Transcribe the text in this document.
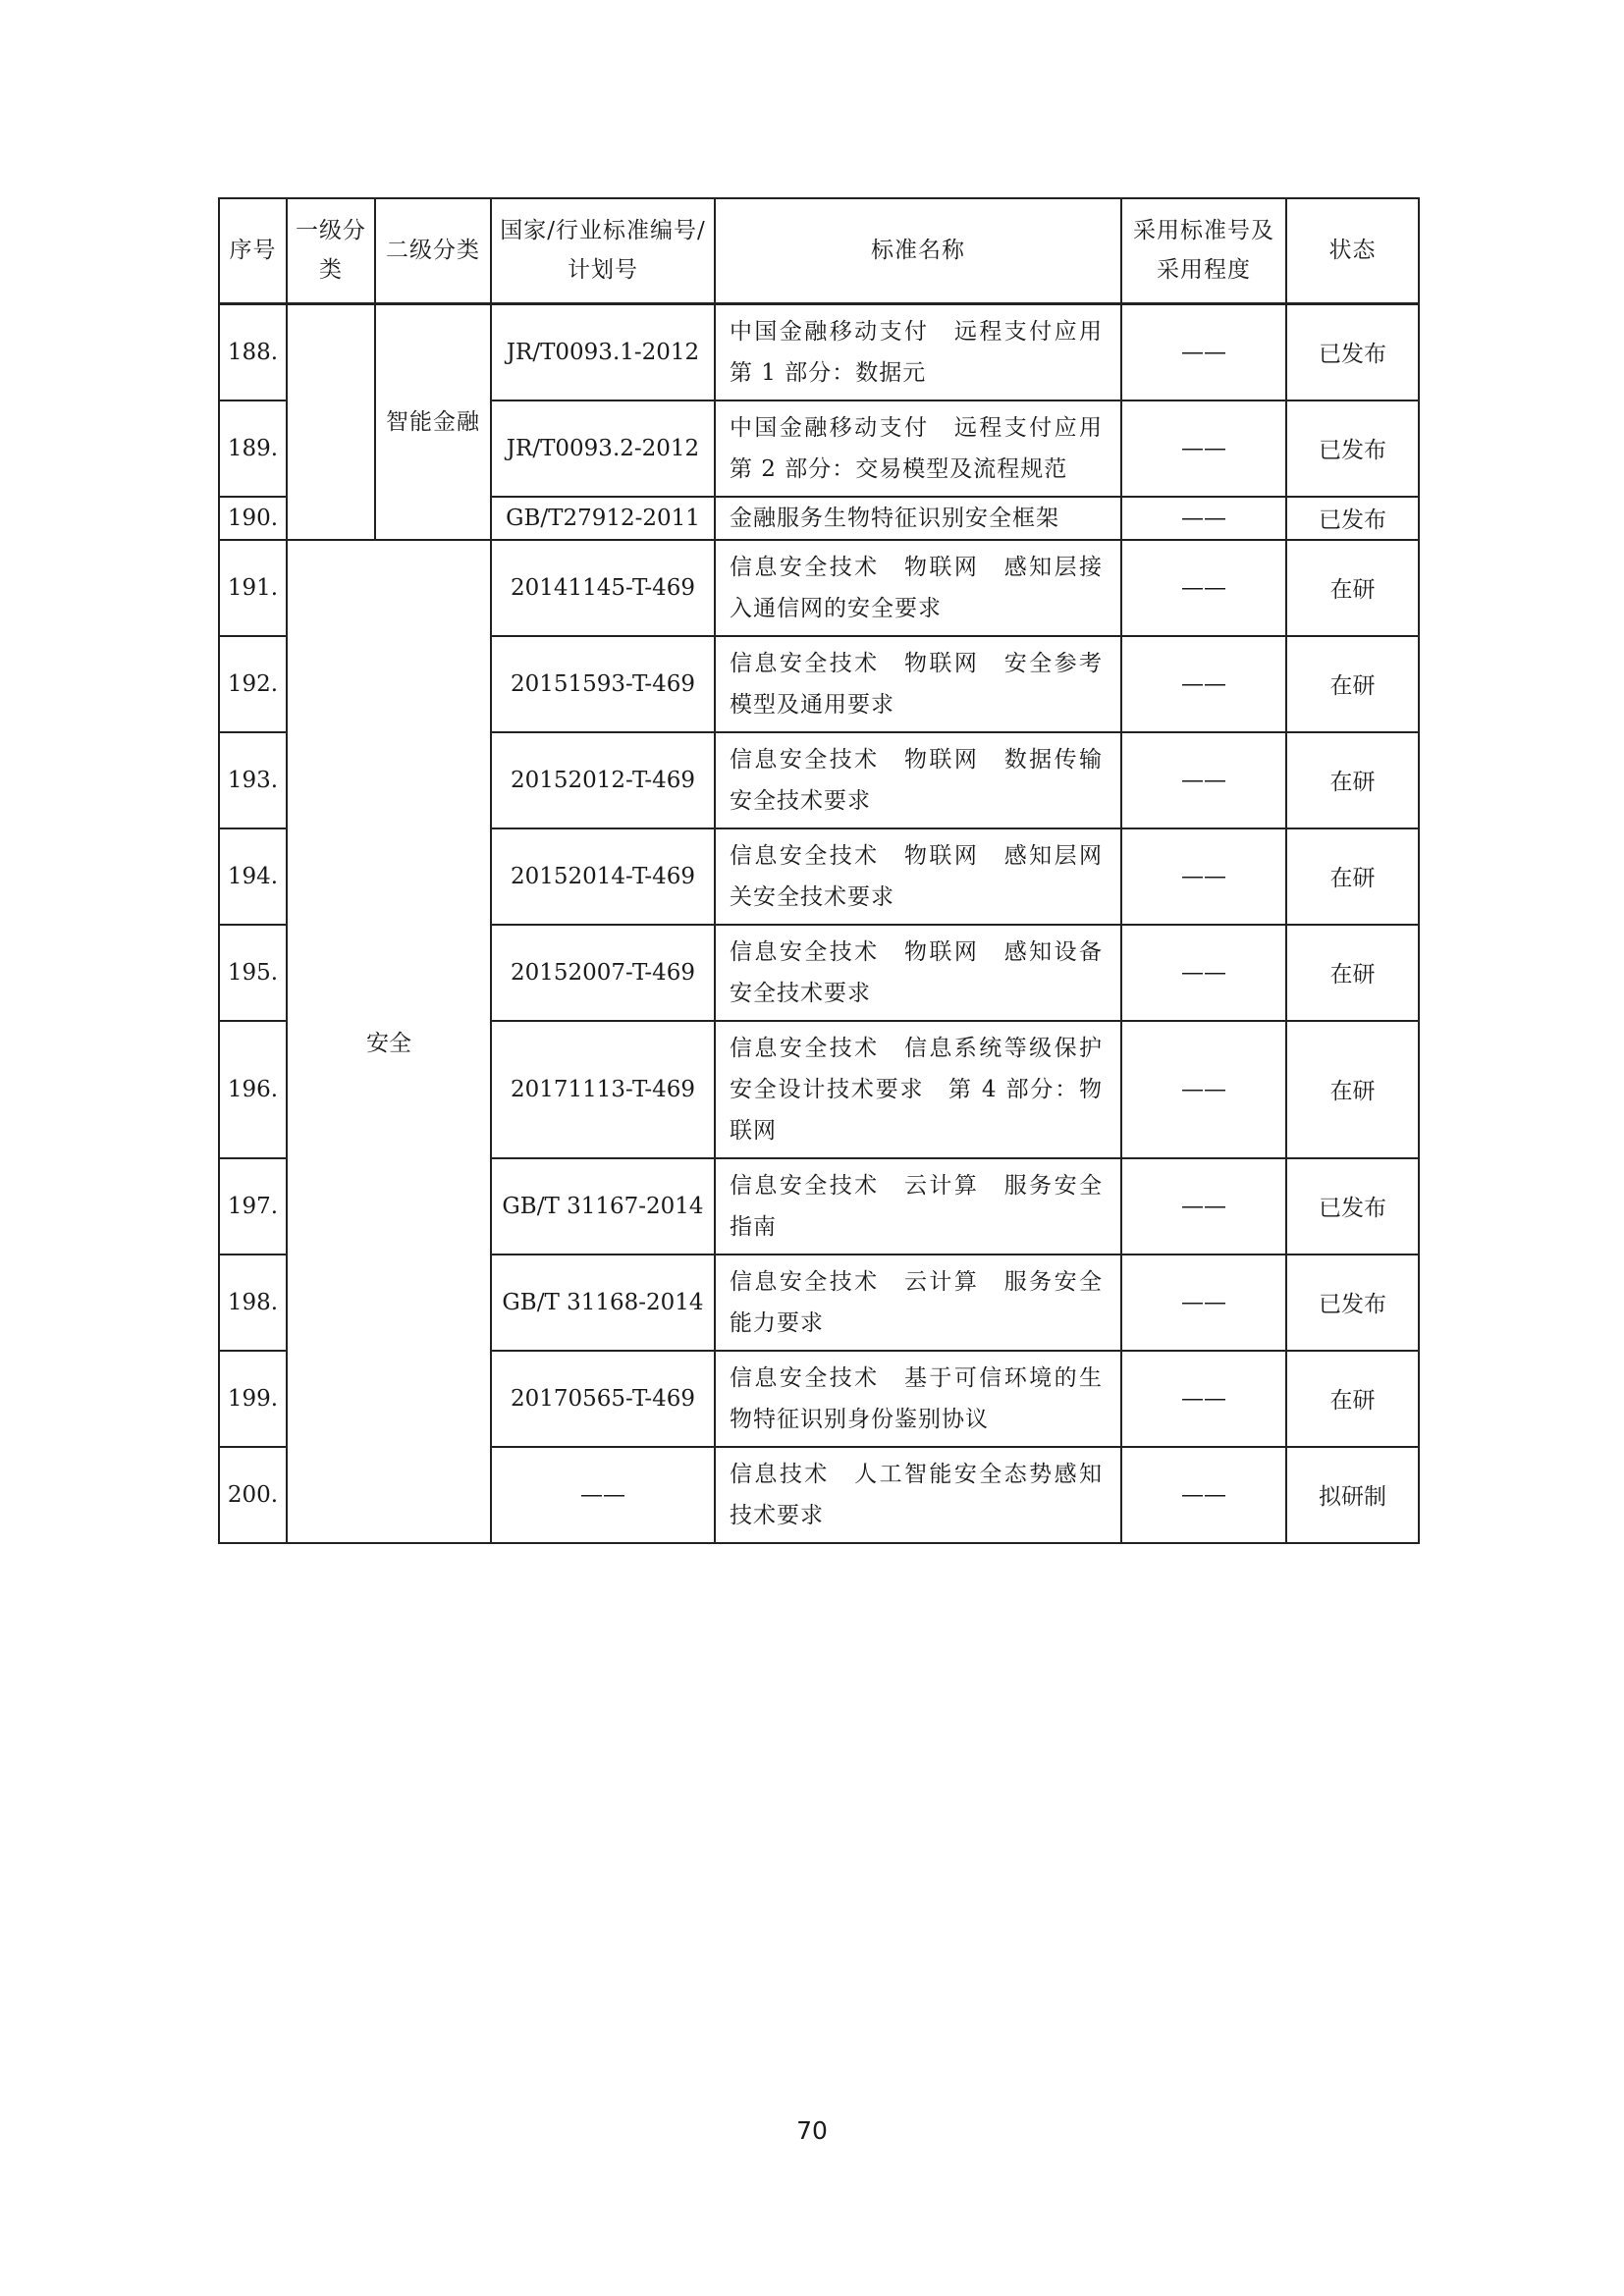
序号	一级分类	二级分类	国家/行业标准编号/计划号	标准名称	采用标准号及采用程度	状态
188.		智能金融	JR/T0093.1-2012	中国金融移动支付　远程支付应用 第 1 部分：数据元	——	已发布
189.			JR/T0093.2-2012	中国金融移动支付　远程支付应用 第 2 部分：交易模型及流程规范	——	已发布
190.			GB/T27912-2011	金融服务生物特征识别安全框架	——	已发布
191.	安全		20141145-T-469	信息安全技术　物联网　感知层接入通信网的安全要求	——	在研
192.			20151593-T-469	信息安全技术　物联网　安全参考模型及通用要求	——	在研
193.			20152012-T-469	信息安全技术　物联网　数据传输安全技术要求	——	在研
194.			20152014-T-469	信息安全技术　物联网　感知层网关安全技术要求	——	在研
195.			20152007-T-469	信息安全技术　物联网　感知设备安全技术要求	——	在研
196.			20171113-T-469	信息安全技术　信息系统等级保护安全设计技术要求　第 4 部分：物联网	——	在研
197.			GB/T 31167-2014	信息安全技术　云计算　服务安全指南	——	已发布
198.			GB/T 31168-2014	信息安全技术　云计算　服务安全能力要求	——	已发布
199.			20170565-T-469	信息安全技术　基于可信环境的生物特征识别身份鉴别协议	——	在研
200.			——	信息技术　人工智能安全态势感知技术要求	——	拟研制
70
